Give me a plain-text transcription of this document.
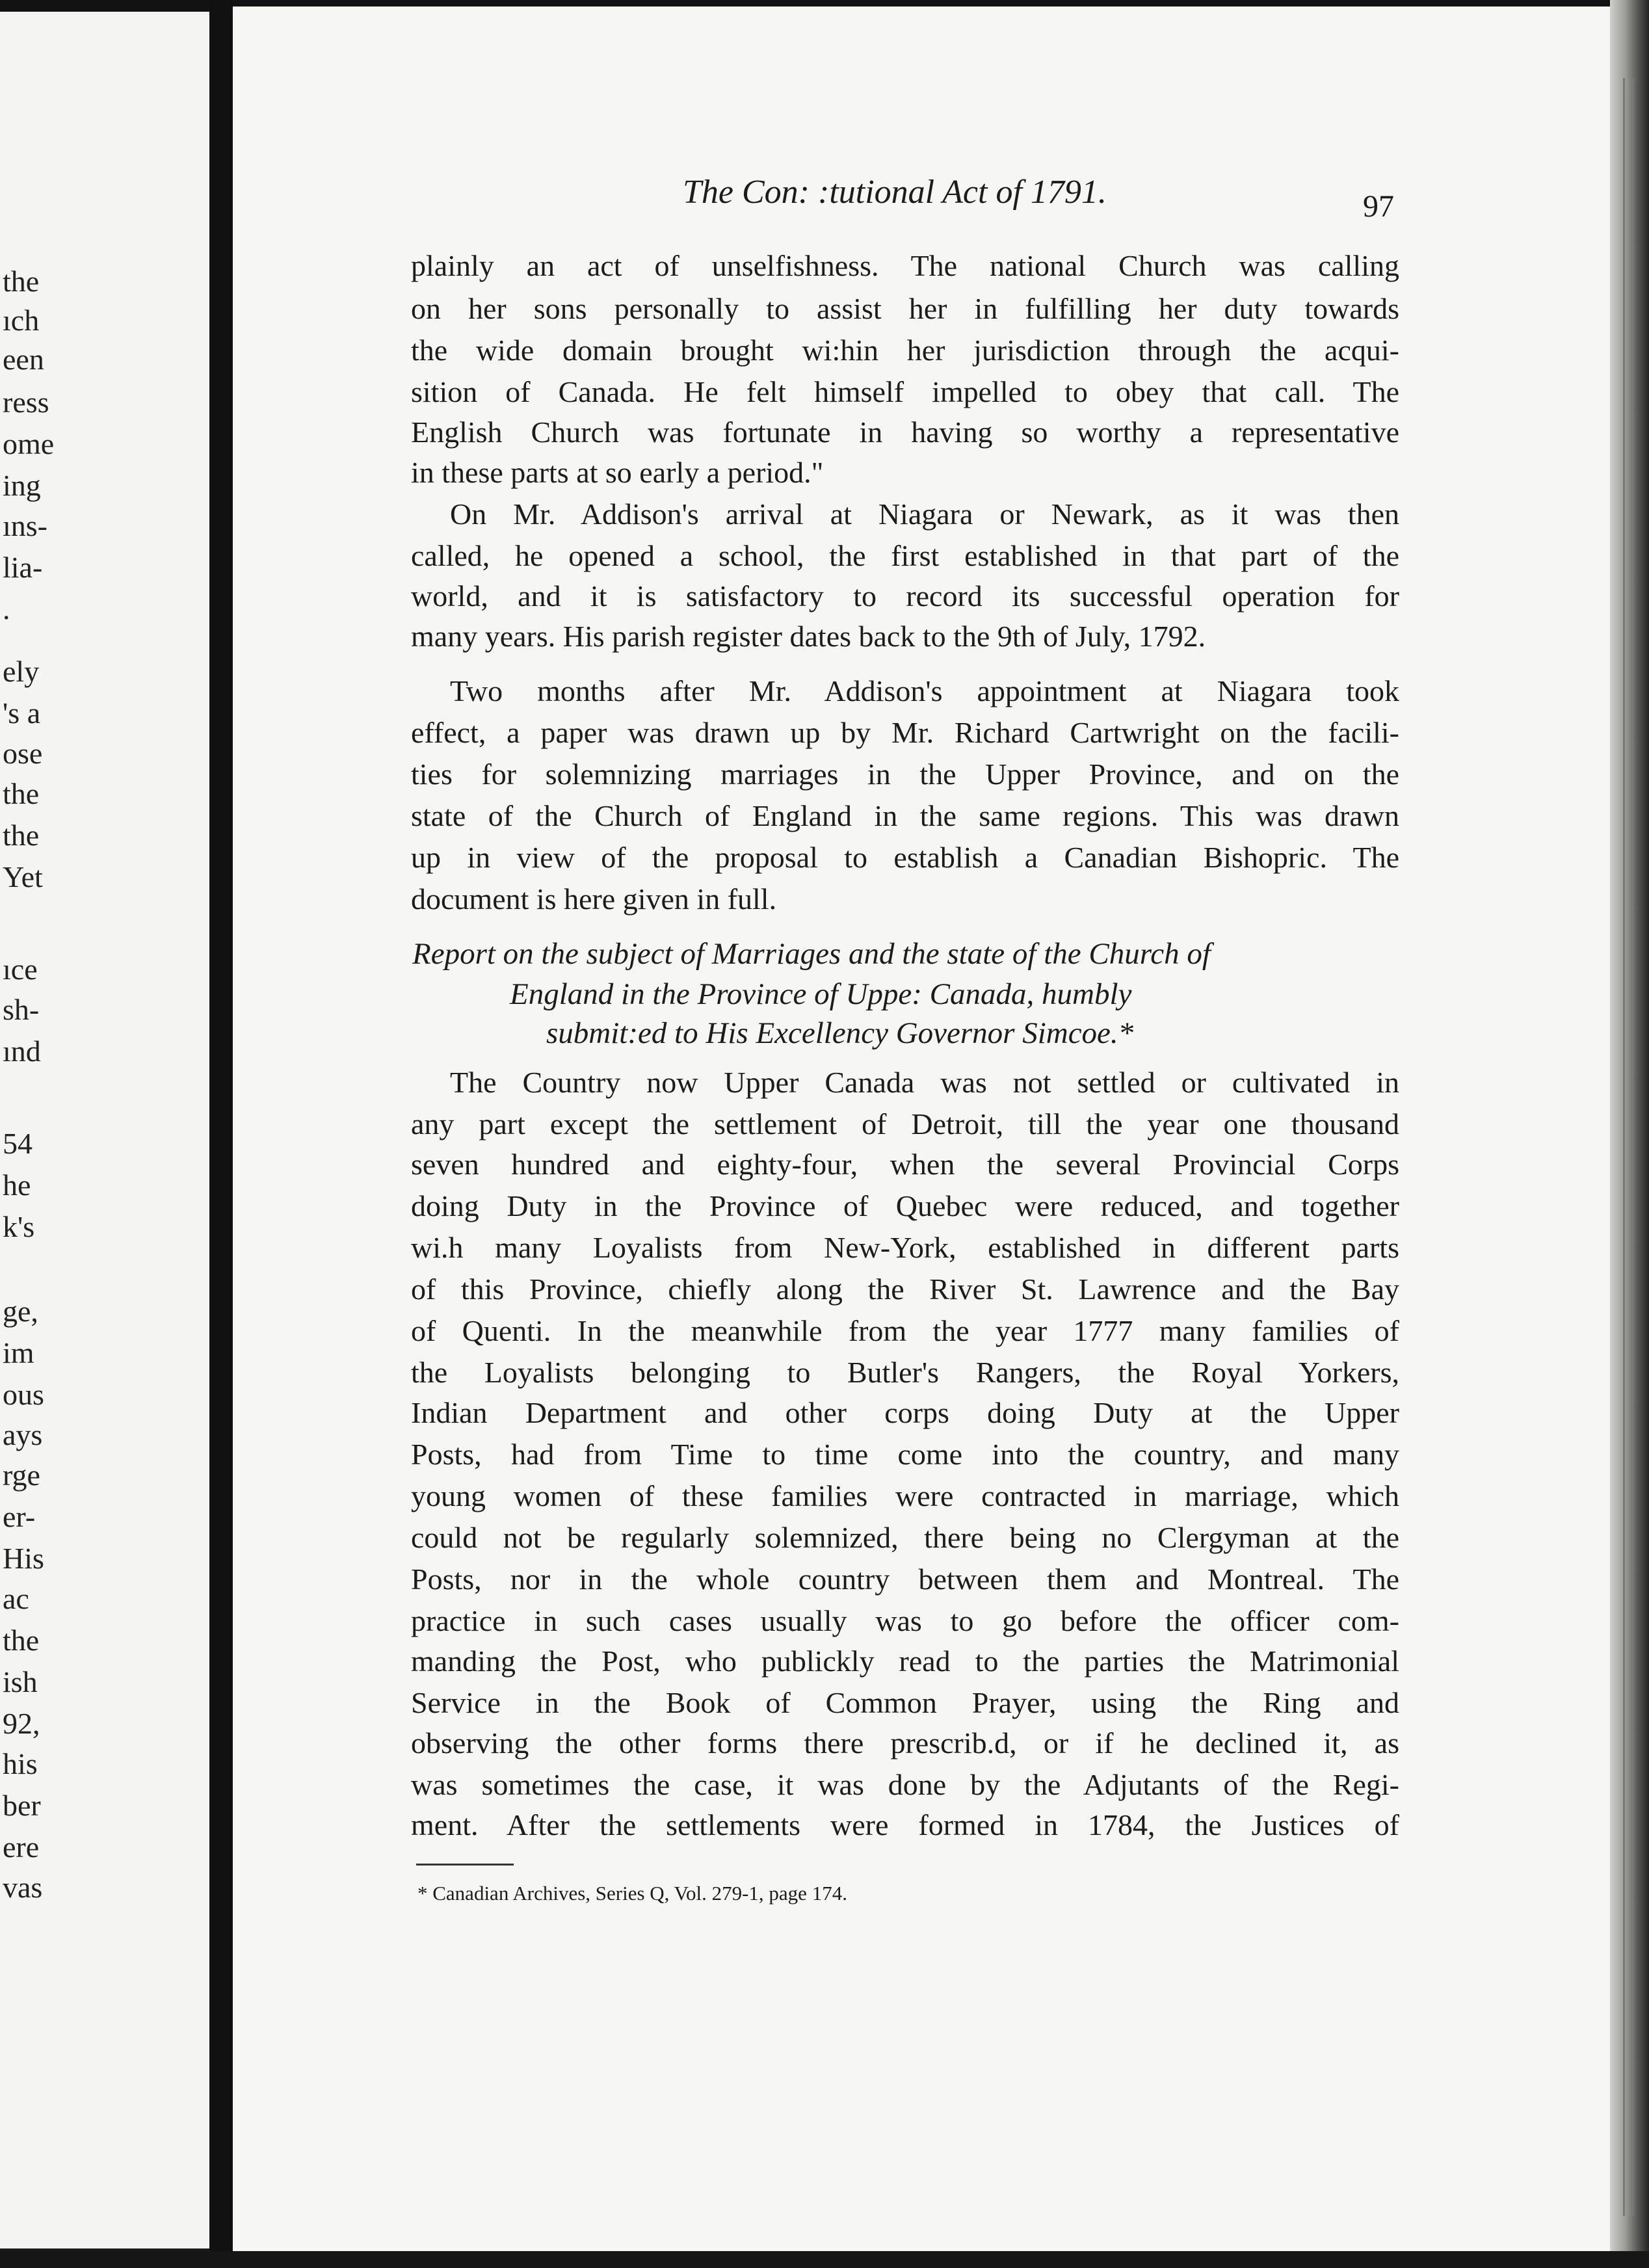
the
ıch
een
ress
ome
ing
ıns-
lia-
.
ely
's a
ose
the
the
Yet
ıce
sh-
ınd
54
he
k's
ge,
im
ous
ays
rge
er-
His
ac
the
ish
92,
his
ber
ere
vas
The Con: :tutional Act of 1791.	97
plainly an act of unselfishness. The national Church was calling
on her sons personally to assist her in fulfilling her duty towards
the wide domain brought wi:hin her jurisdiction through the acqui-
sition of Canada. He felt himself impelled to obey that call. The
English Church was fortunate in having so worthy a representative
in these parts at so early a period."
On Mr. Addison's arrival at Niagara or Newark, as it was then
called, he opened a school, the first established in that part of the
world, and it is satisfactory to record its successful operation for
many years. His parish register dates back to the 9th of July, 1792.
Two months after Mr. Addison's appointment at Niagara took
effect, a paper was drawn up by Mr. Richard Cartwright on the facili-
ties for solemnizing marriages in the Upper Province, and on the
state of the Church of England in the same regions. This was drawn
up in view of the proposal to establish a Canadian Bishopric. The
document is here given in full.
Report on the subject of Marriages and the state of the Church of
England in the Province of Uppe: Canada, humbly
submit:ed to His Excellency Governor Simcoe.*
The Country now Upper Canada was not settled or cultivated in
any part except the settlement of Detroit, till the year one thousand
seven hundred and eighty-four, when the several Provincial Corps
doing Duty in the Province of Quebec were reduced, and together
wi.h many Loyalists from New-York, established in different parts
of this Province, chiefly along the River St. Lawrence and the Bay
of Quenti. In the meanwhile from the year 1777 many families of
the Loyalists belonging to Butler's Rangers, the Royal Yorkers,
Indian Department and other corps doing Duty at the Upper
Posts, had from Time to time come into the country, and many
young women of these families were contracted in marriage, which
could not be regularly solemnized, there being no Clergyman at the
Posts, nor in the whole country between them and Montreal. The
practice in such cases usually was to go before the officer com-
manding the Post, who publickly read to the parties the Matrimonial
Service in the Book of Common Prayer, using the Ring and
observing the other forms there prescrib.d, or if he declined it, as
was sometimes the case, it was done by the Adjutants of the Regi-
ment. After the settlements were formed in 1784, the Justices of
* Canadian Archives, Series Q, Vol. 279-1, page 174.
